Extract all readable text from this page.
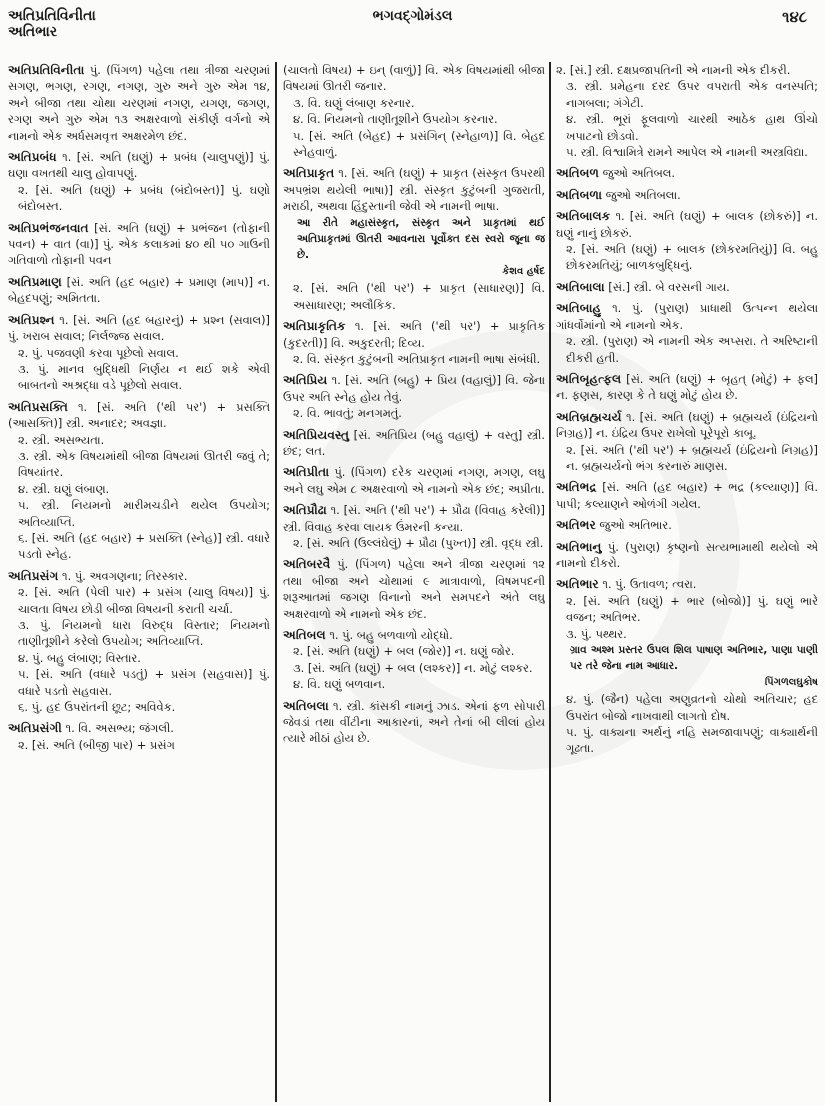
અતિપ્રતિવિનીતા
અતિભાર
ભગવદ્ગોમંડલ	૧૪૮

અતિપ્રતિવિનીતા પું. (પિંગળ) પહેલા તથા ત્રીજા ચરણમાં સગણ, ભગણ, રગણ, નગણ, ગુરુ અને ગુરુ એમ ૧૪, અને બીજા તથા ચોથા ચરણમાં નગણ, યગણ, જગણ, રગણ અને ગુરુ એમ ૧૩ અક્ષરવાળો સંકીર્ણ વર્ગનો એ નામનો એક અર્ધસમવૃત્ત અક્ષરમેળ છંદ.

અતિપ્રબંધ ૧. [સં. અતિ (ઘણું) + પ્રબંધ (ચાલુપણું)] પું. ઘણા વખતથી ચાલુ હોવાપણું.

૨. [સં. અતિ (ઘણું) + પ્રબંધ (બંદોબસ્ત)] પું. ઘણો બંદોબસ્ત.

અતિપ્રભંજનવાત [સં. અતિ (ઘણું) + પ્રભંજન (તોફાની પવન) + વાત (વા)] પું. એક કલાકમાં ૪૦ થી ૫૦ ગાઉની ગતિવાળો તોફાની પવન

અતિપ્રમાણ [સં. અતિ (હદ બહાર) + પ્રમાણ (માપ)] ન. બેહદપણું; અમિતતા.

અતિપ્રશ્ન ૧. [સં. અતિ (હદ બહારનું) + પ્રશ્ન (સવાલ)] પું. ખરાબ સવાલ; નિર્લજ્જ સવાલ.

૨. પું. પજવણી કરવા પૂછેલો સવાલ.

૩. પું. માનવ બુદ્ધિથી નિર્ણય ન થઈ શકે એવી બાબતનો અશ્રદ્ધા વડે પૂછેલો સવાલ.

અતિપ્રસક્તિ ૧. [સં. અતિ ('થી પર') + પ્રસક્તિ (આસક્તિ)] સ્ત્રી. અનાદર; અવજ્ઞા.

૨. સ્ત્રી. અસભ્યતા.

૩. સ્ત્રી. એક વિષયમાંથી બીજા વિષયમાં ઊતરી જવું તે; વિષયાંતર.

૪. સ્ત્રી. ઘણું લંબાણ.

૫. સ્ત્રી. નિયમનો મારીમચડીને થયેલ ઉપયોગ; અતિવ્યાપ્તિ.

૬. [સં. અતિ (હદ બહાર) + પ્રસક્તિ (સ્નેહ)] સ્ત્રી. વધારે પડતો સ્નેહ.

અતિપ્રસંગ ૧. પું. અવગણના; તિરસ્કાર.

૨. [સં. અતિ (પેલી પાર) + પ્રસંગ (ચાલુ વિષય)] પું. ચાલતા વિષય છોડી બીજા વિષયની કરાતી ચર્ચા.

૩. પું. નિયમનો ધારા વિરુદ્ધ વિસ્તાર; નિયમનો તાણીતૂશીને કરેલો ઉપયોગ; અતિવ્યાપ્તિ.

૪. પું. બહુ લંબાણ; વિસ્તાર.

૫. [સં. અતિ (વધારે પડતું) + પ્રસંગ (સહવાસ)] પું. વધારે પડતો સહવાસ.

૬. પું. હદ ઉપરાંતની છૂટ; અવિવેક.

અતિપ્રસંગી ૧. વિ. અસભ્ય; જંગલી.

૨. [સં. અતિ (બીજી પાર) + પ્રસંગ

(ચાલતો વિષય) + ઇન્ (વાળું)] વિ. એક વિષયમાંથી બીજા વિષયમાં ઊતરી જનાર.

૩. વિ. ઘણું લંબાણ કરનાર.

૪. વિ. નિયમનો તાણીતૂશીને ઉપયોગ કરનાર.

૫. [સં. અતિ (બેહદ) + પ્રસંગિન્ (સ્નેહાળ)] વિ. બેહદ સ્નેહવાળું.

અતિપ્રાકૃત ૧. [સં. અતિ (ઘણું) + પ્રાકૃત (સંસ્કૃત ઉપરથી અપભ્રંશ થયેલી ભાષા)] સ્ત્રી. સંસ્કૃત કુટુંબની ગુજરાતી, મરાઠી, અથવા હિંદુસ્તાની જેવી એ નામની ભાષા.

આ રીતે મહાસંસ્કૃત, સંસ્કૃત અને પ્રાકૃતમાં થઈ અતિપ્રાકૃતમાં ઊતરી આવનારા પૂર્વોક્ત દસ સ્વરો જૂના જ છે.

કેશવ હર્ષદ

૨. [સં. અતિ ('થી પર') + પ્રાકૃત (સાધારણ)] વિ. અસાધારણ; અલૌકિક.

અતિપ્રાકૃતિક ૧. [સં. અતિ ('થી પર') + પ્રાકૃતિક (કુદરતી)] વિ. અકુદરતી; દિવ્ય.

૨. વિ. સંસ્કૃત કુટુંબની અતિપ્રાકૃત નામની ભાષા સંબંધી.

અતિપ્રિય ૧. [સં. અતિ (બહુ) + પ્રિય (વહાલું)] વિ. જેના ઉપર અતિ સ્નેહ હોય તેવું.

૨. વિ. ભાવતું; મનગમતું.

અતિપ્રિયવસ્તુ [સં. અતિપ્રિય (બહુ વહાલું) + વસ્તુ] સ્ત્રી. છંદ; લત.

અતિપ્રીતા પું. (પિંગળ) દરેક ચરણમાં નગણ, મગણ, લઘુ અને લઘુ એમ ૮ અક્ષરવાળો એ નામનો એક છંદ; અપ્રીતા.

અતિપ્રૌઢા ૧. [સં. અતિ ('થી પર') + પ્રૌઢા (વિવાહ કરેલી)] સ્ત્રી. વિવાહ કરવા લાયક ઉંમરની કન્યા.

૨. [સં. અતિ (ઉલ્લંઘેલું) + પ્રૌઢા (પુખ્ત)] સ્ત્રી. વૃદ્ધ સ્ત્રી.

અતિબરવૈ પું. (પિંગળ) પહેલા અને ત્રીજા ચરણમાં ૧૨ તથા બીજા અને ચોથામાં ૯ માત્રાવાળો, વિષમપદની શરૂઆતમાં જગણ વિનાનો અને સમપદને અંતે લઘુ અક્ષરવાળો એ નામનો એક છંદ.

અતિબલ ૧. પું. બહુ બળવાળો યોદ્ધો.

૨. [સં. અતિ (ઘણું) + બલ (જોર)] ન. ઘણું જોર.

૩. [સં. અતિ (ઘણું) + બલ (લશ્કર)] ન. મોટું લશ્કર.

૪. વિ. ઘણું બળવાન.

અતિબલા ૧. સ્ત્રી. કાંસકી નામનું ઝાડ. એનાં ફળ સોપારી જેવડાં તથા વીંટીના આકારનાં, અને તેનાં બી લીલાં હોય ત્યારે મીઠાં હોય છે.

૨. [સં.] સ્ત્રી. દક્ષપ્રજાપતિની એ નામની એક દીકરી.

૩. સ્ત્રી. પ્રમેહના દરદ ઉપર વપરાતી એક વનસ્પતિ; નાગબલા; ગંગેટી.

૪. સ્ત્રી. ભૂરાં ફૂલવાળો ચારથી આઠેક હાથ ઊંચો ખપાટનો છોડવો.

૫. સ્ત્રી. વિશ્વામિત્રે રામને આપેલ એ નામની અસ્ત્રવિદ્યા.

અતિબળ જુઓ અતિબલ.

અતિબળા જુઓ અતિબલા.

અતિબાલક ૧. [સં. અતિ (ઘણું) + બાલક (છોકરું)] ન. ઘણું નાનું છોકરું.

૨. [સં. અતિ (ઘણું) + બાલક (છોકરમતિયું)] વિ. બહુ છોકરમતિયું; બાળકબુદ્ધિનું.

અતિબાલા [સં.] સ્ત્રી. બે વરસની ગાય.

અતિબાહુ ૧. પું. (પુરાણ) પ્રાધાથી ઉત્પન્ન થયેલા ગાંધર્વોમાંનો એ નામનો એક.

૨. સ્ત્રી. (પુરાણ) એ નામની એક અપ્સરા. તે અરિષ્ટાની દીકરી હતી.

અતિબૃહત્ફલ [સં. અતિ (ઘણું) + બૃહત્ (મોટું) + ફલ] ન. ફણસ, કારણ કે તે ઘણું મોટું હોય છે.

અતિબ્રહ્મચર્ય ૧. [સં. અતિ (ઘણું) + બ્રહ્મચર્ય (ઇંદ્રિયનો નિગ્રહ)] ન. ઇંદ્રિય ઉપર રાખેલો પૂરેપૂરો કાબૂ.

૨. [સં. અતિ ('થી પર') + બ્રહ્મચર્ય (ઇંદ્રિયનો નિગ્રહ)] ન. બ્રહ્મચર્યનો ભંગ કરનારું માણસ.

અતિભદ્ર [સં. અતિ (હદ બહાર) + ભદ્ર (કલ્યાણ)] વિ. પાપી; કલ્યાણને ઓળંગી ગયેલ.

અતિભર જુઓ અતિભાર.

અતિભાનુ પું. (પુરાણ) કૃષ્ણનો સત્યભામાથી થયેલો એ નામનો દીકરો.

અતિભાર ૧. પું. ઉતાવળ; ત્વરા.

૨. [સં. અતિ (ઘણું) + ભાર (બોજો)] પું. ઘણું ભારે વજન; અતિભર.

૩. પું. પથ્થર.

ગ્રાવ અશ્મ પ્રસ્તર ઉપલ શિલ પાષાણ અતિભાર, પાણા પાણી પર તરે જેના નામ આધાર.

પિંગળલઘુકોષ

૪. પું. (જૈન) પહેલા અણુવ્રતનો ચોથો અતિચાર; હદ ઉપરાંત બોજો નાખવાથી લાગતો દોષ.

૫. પું. વાક્યના અર્થનું નહિ સમજાવાપણું; વાક્યાર્થની ગૂઢતા.
